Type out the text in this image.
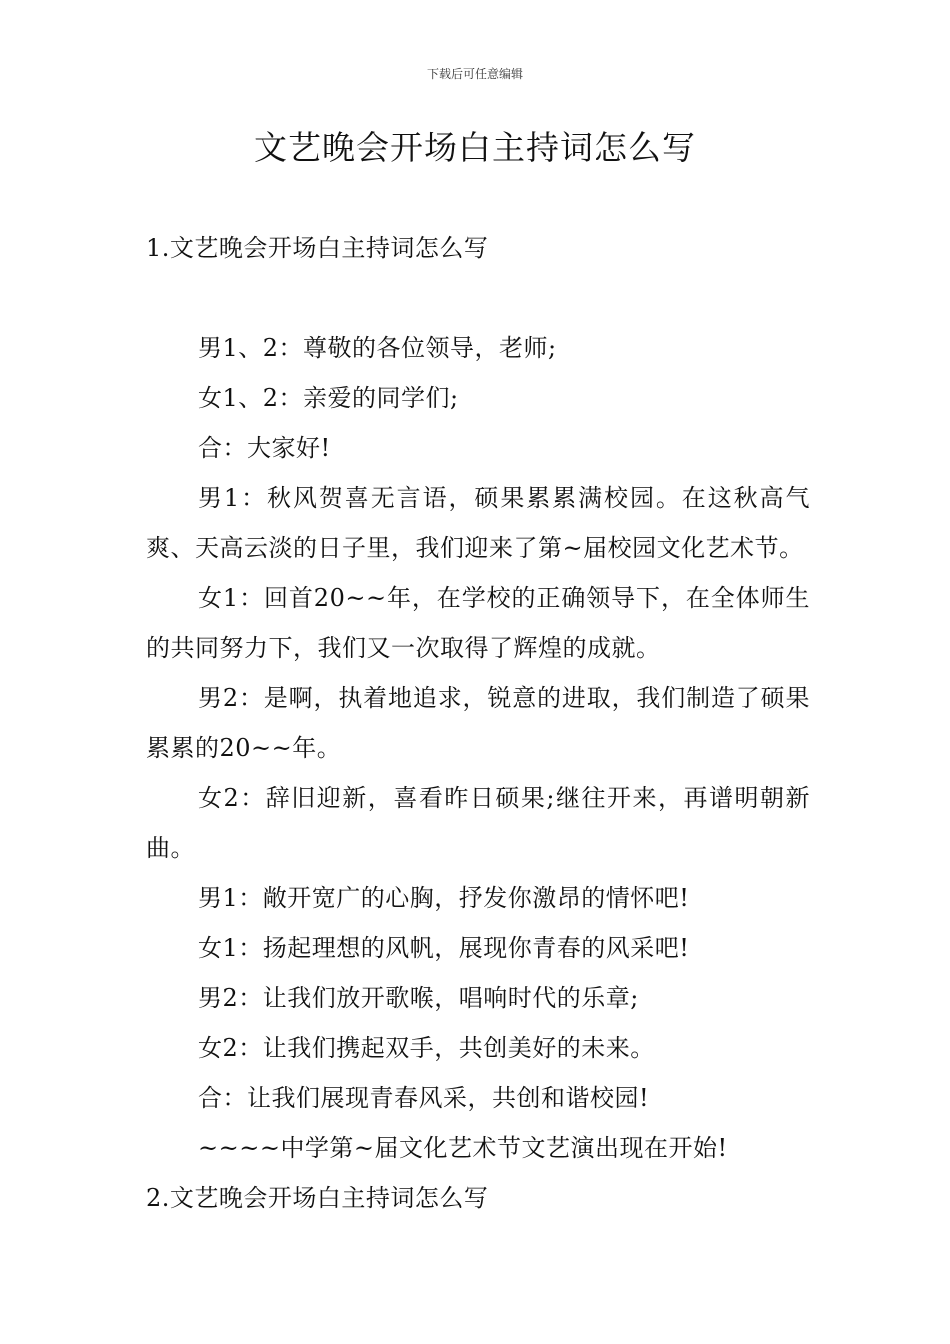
下载后可任意编辑
文艺晚会开场白主持词怎么写

1.文艺晚会开场白主持词怎么写

男1、2：尊敬的各位领导，老师;

女1、2：亲爱的同学们;

合：大家好!

男1：秋风贺喜无言语，硕果累累满校园。在这秋高气爽、天高云淡的日子里，我们迎来了第~届校园文化艺术节。

女1：回首20~~年，在学校的正确领导下，在全体师生的共同努力下，我们又一次取得了辉煌的成就。

男2：是啊，执着地追求，锐意的进取，我们制造了硕果累累的20~~年。

女2：辞旧迎新，喜看昨日硕果;继往开来，再谱明朝新曲。

男1：敞开宽广的心胸，抒发你激昂的情怀吧!

女1：扬起理想的风帆，展现你青春的风采吧!

男2：让我们放开歌喉，唱响时代的乐章;

女2：让我们携起双手，共创美好的未来。

合：让我们展现青春风采，共创和谐校园!

~~~~中学第~届文化艺术节文艺演出现在开始!

2.文艺晚会开场白主持词怎么写
